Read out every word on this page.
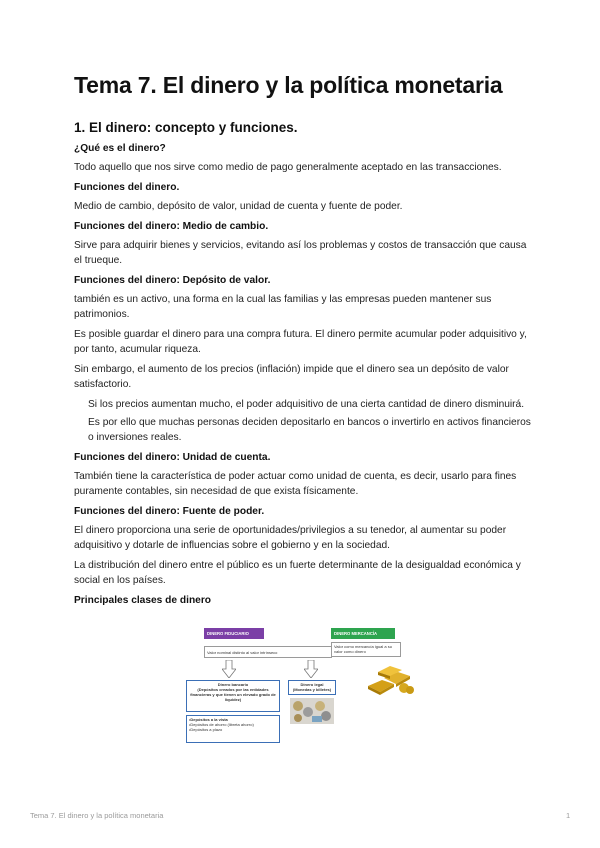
Tema 7. El dinero y la política monetaria
1. El dinero: concepto y funciones.
¿Qué es el dinero?

Todo aquello que nos sirve como medio de pago generalmente aceptado en las transacciones.

Funciones del dinero.

Medio de cambio, depósito de valor, unidad de cuenta y fuente de poder.

Funciones del dinero: Medio de cambio.

Sirve para adquirir bienes y servicios, evitando así los problemas y costos de transacción que causa el trueque.

Funciones del dinero: Depósito de valor.

también es un activo, una forma en la cual las familias y las empresas pueden mantener sus patrimonios.

Es posible guardar el dinero para una compra futura. El dinero permite acumular poder adquisitivo y, por tanto, acumular riqueza.

Sin embargo, el aumento de los precios (inflación) impide que el dinero sea un depósito de valor satisfactorio.

Si los precios aumentan mucho, el poder adquisitivo de una cierta cantidad de dinero disminuirá.
Es por ello que muchas personas deciden depositarlo en bancos o invertirlo en activos financieros o inversiones reales.
Funciones del dinero: Unidad de cuenta.

También tiene la característica de poder actuar como unidad de cuenta, es decir, usarlo para fines puramente contables, sin necesidad de que exista físicamente.

Funciones del dinero: Fuente de poder.

El dinero proporciona una serie de oportunidades/privilegios a su tenedor, al aumentar su poder adquisitivo y dotarle de influencias sobre el gobierno y en la sociedad.

La distribución del dinero entre el público es un fuerte determinante de la desigualdad económica y social en los países.

Principales clases de dinero
DINERO FIDUCIARIO	DINERO MERCANCÍA
Valor nominal distinto al valor intrínseco
Valor como mercancía igual a su valor como dinero
Dinero bancario
(Depósitos creados por las entidades financieras y que tienen un elevado grado de liquidez)
Dinero legal
(Monedas y billetes)
• Depósitos a la vista
• Depósitos de ahorro (libreta ahorro)
• Depósitos a plazo
Tema 7. El dinero y la política monetaria	1
